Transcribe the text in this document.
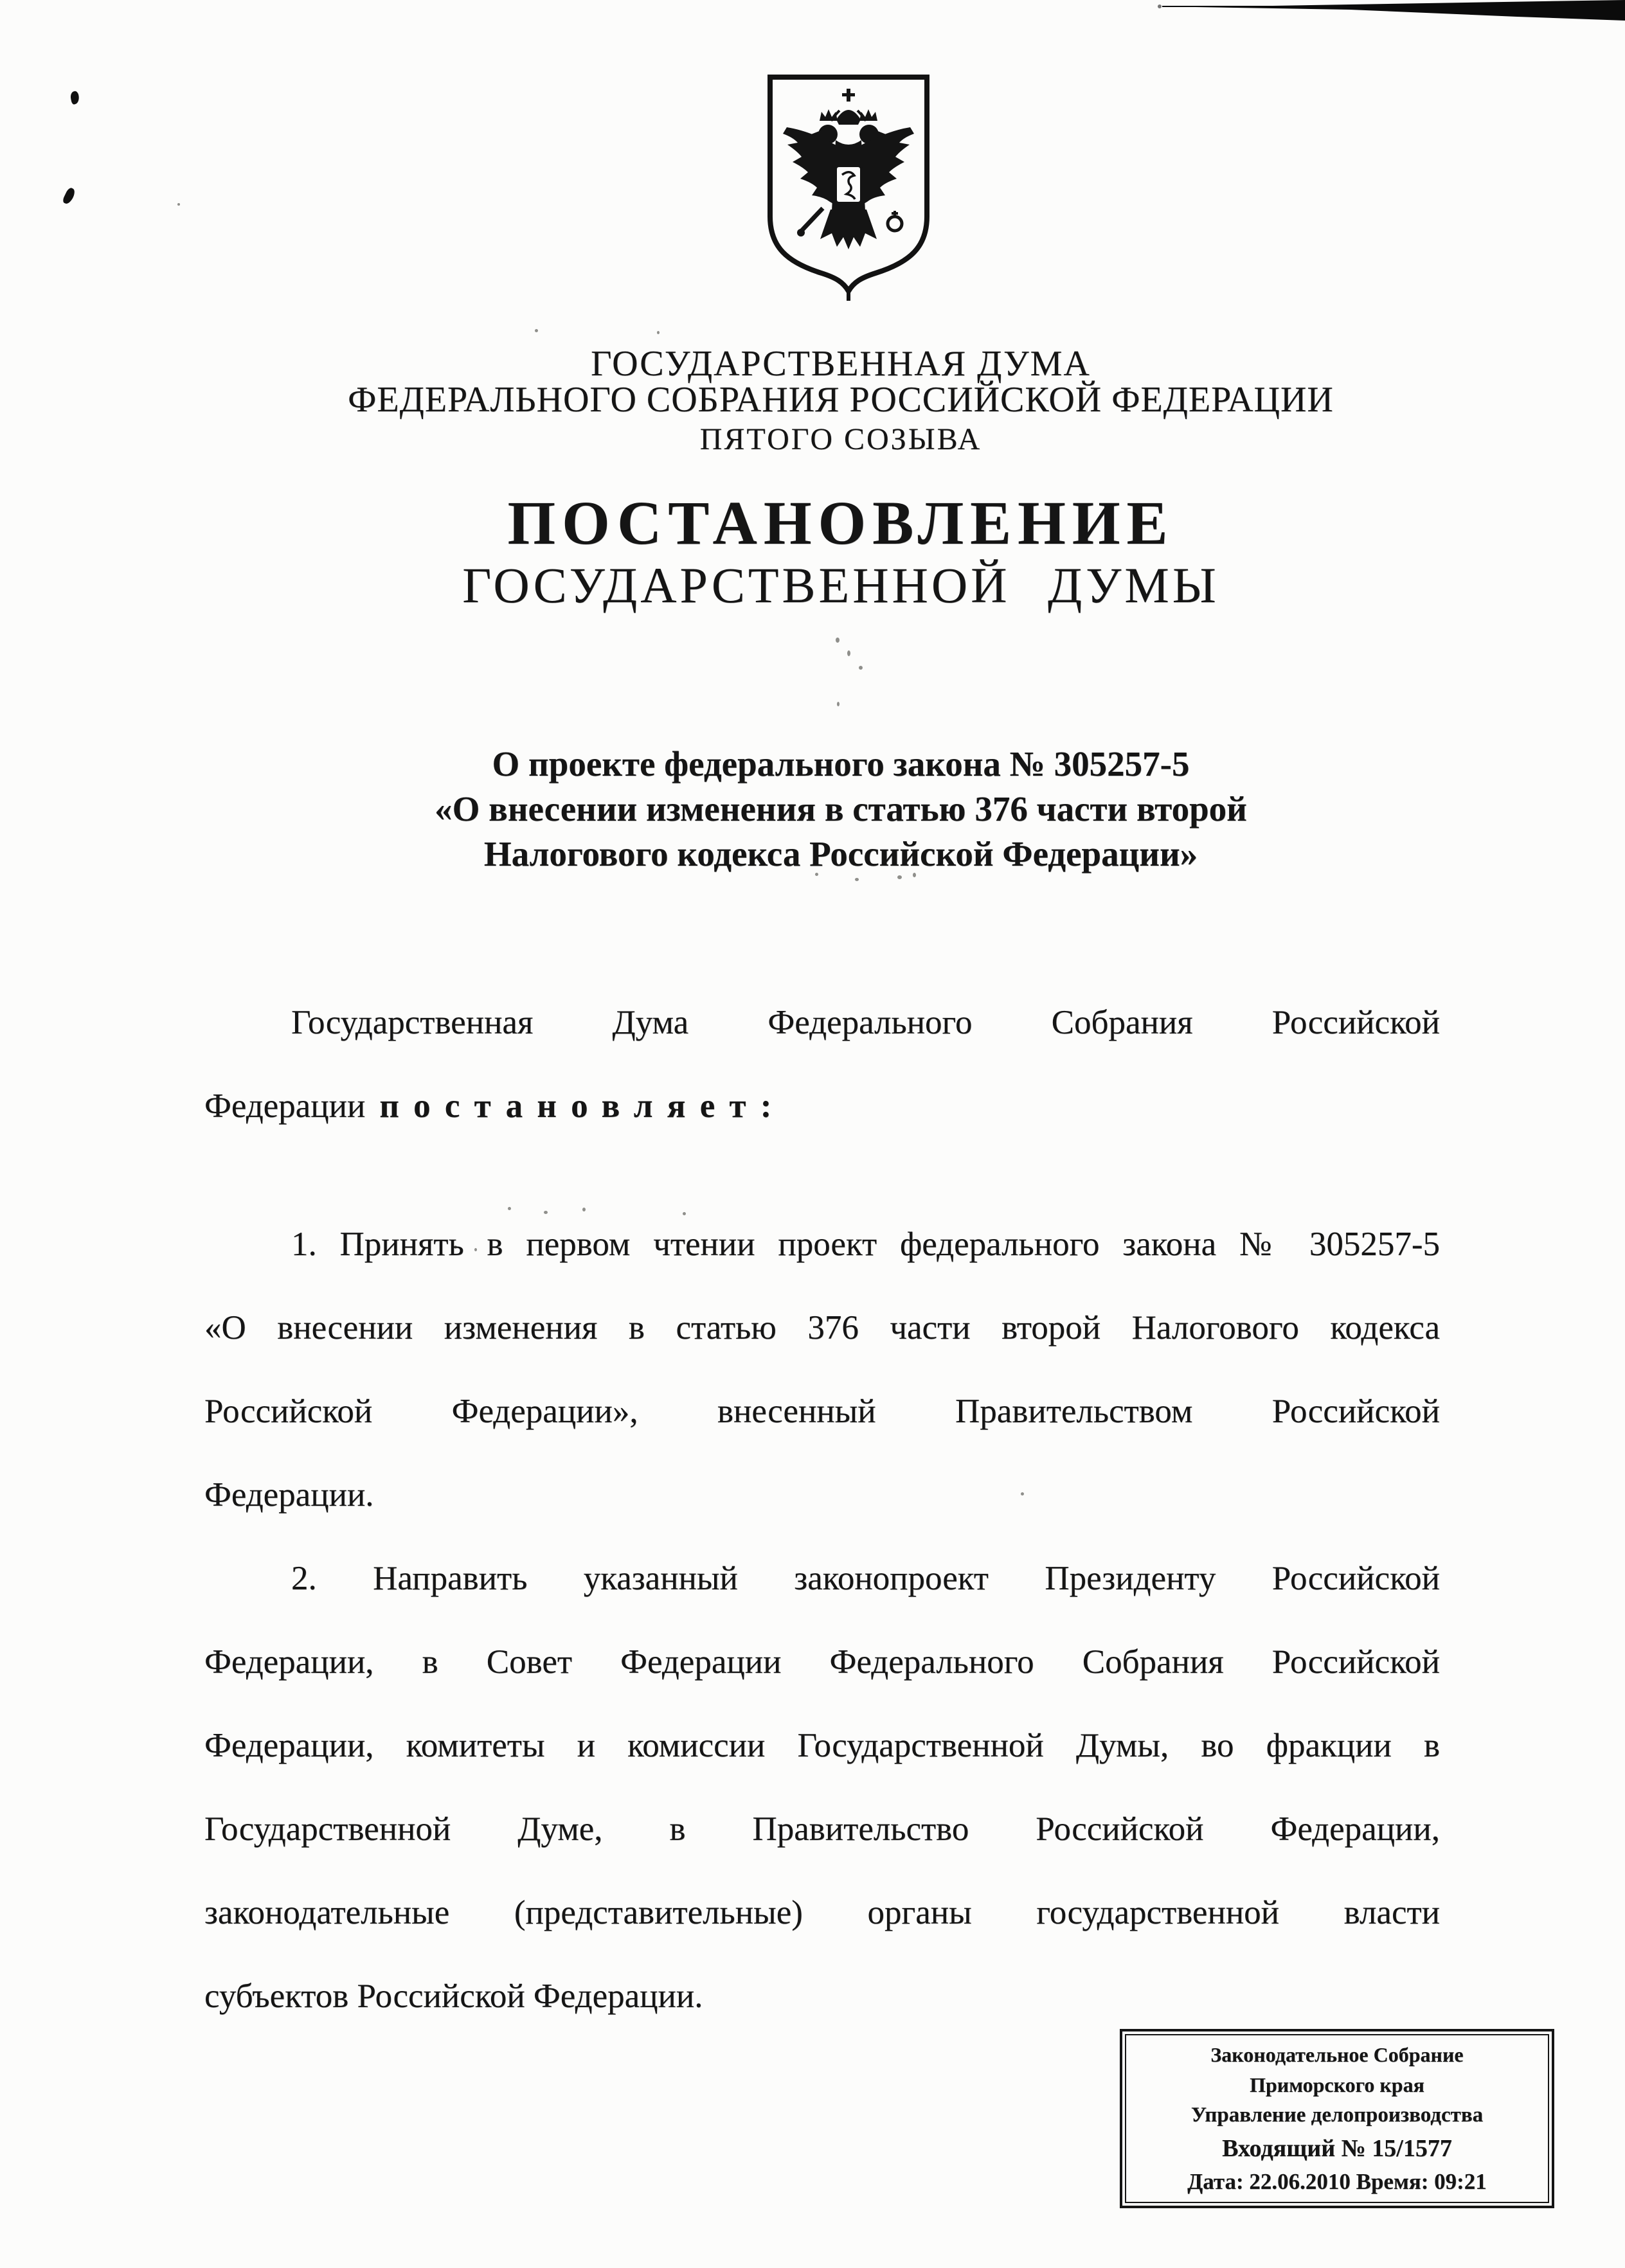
ГОСУДАРСТВЕННАЯ ДУМА
ФЕДЕРАЛЬНОГО СОБРАНИЯ РОССИЙСКОЙ ФЕДЕРАЦИИ
ПЯТОГО СОЗЫВА
ПОСТАНОВЛЕНИЕ
ГОСУДАРСТВЕННОЙ ДУМЫ
О проекте федерального закона № 305257-5
«О внесении изменения в статью 376 части второй
Налогового кодекса Российской Федерации»
Государственная Дума Федерального Собрания Российской
Федерации постановляет:
1. Принять в первом чтении проект федерального закона № 305257-5
«О внесении изменения в статью 376 части второй Налогового кодекса
Российской Федерации», внесенный Правительством Российской
Федерации.
2. Направить указанный законопроект Президенту Российской
Федерации, в Совет Федерации Федерального Собрания Российской
Федерации, комитеты и комиссии Государственной Думы, во фракции в
Государственной Думе, в Правительство Российской Федерации,
законодательные (представительные) органы государственной власти
субъектов Российской Федерации.
Законодательное Собрание
Приморского края
Управление делопроизводства
Входящий № 15/1577
Дата: 22.06.2010 Время: 09:21
